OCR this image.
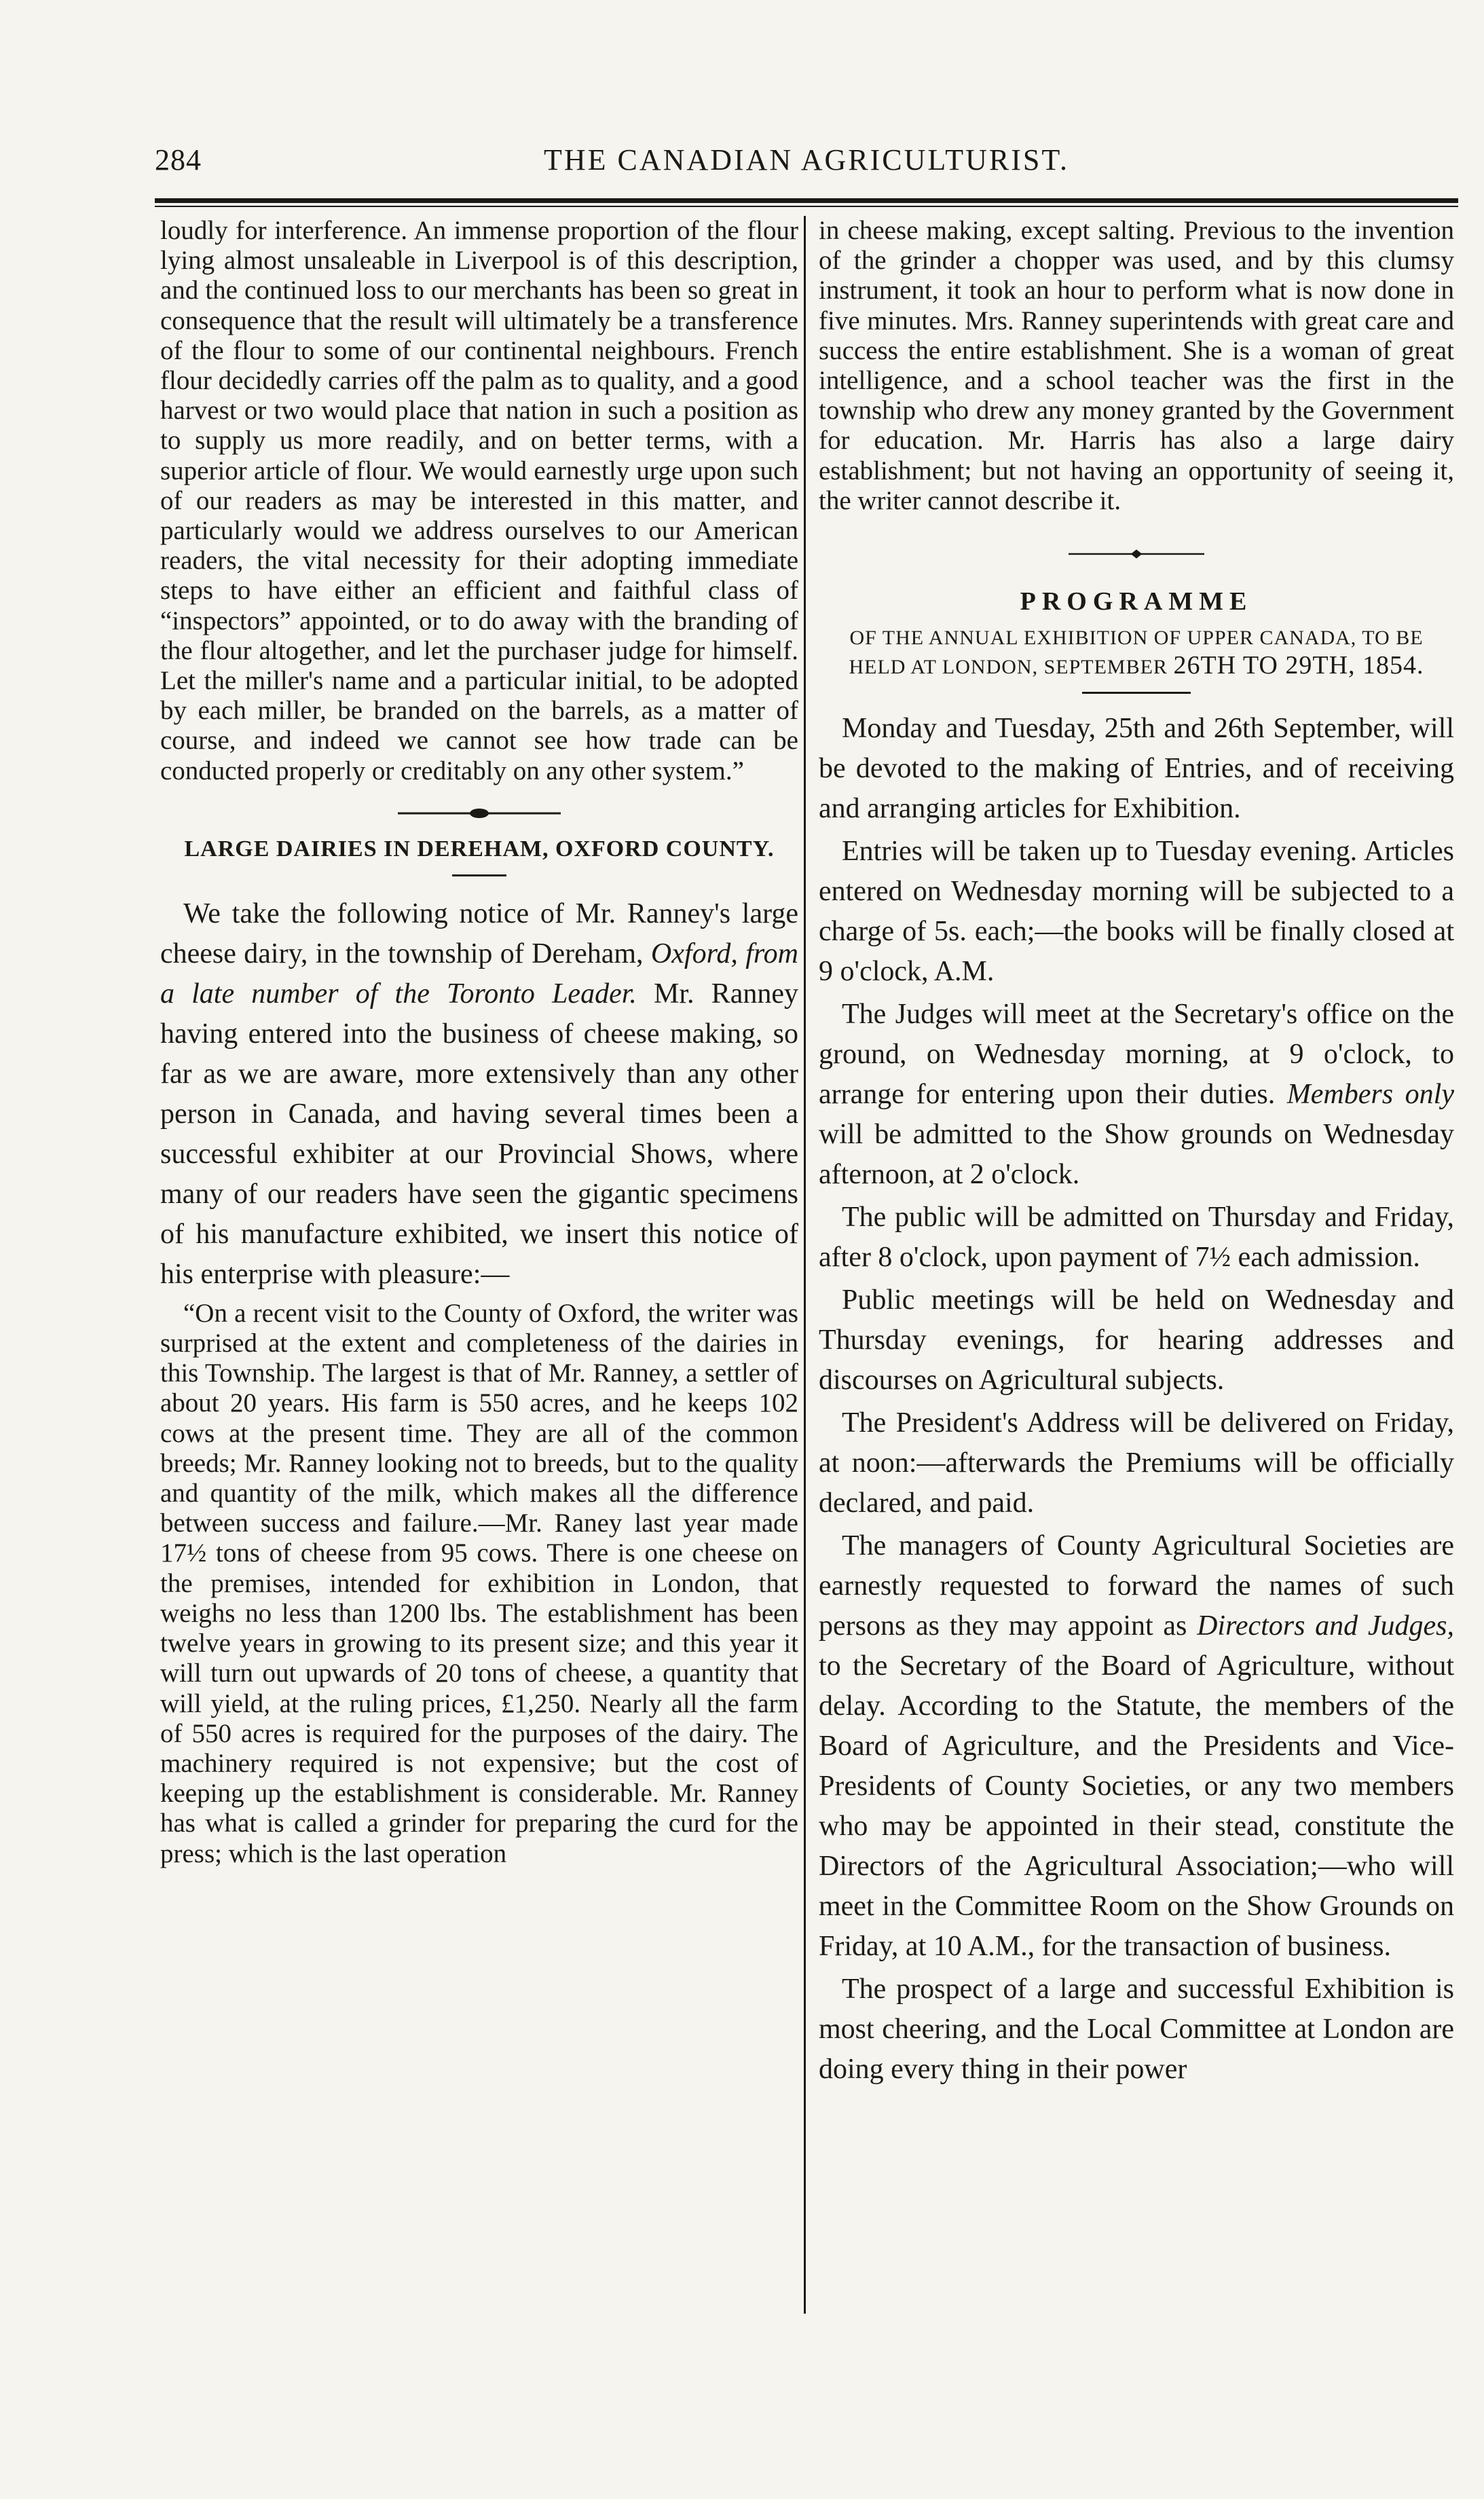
284	THE CANADIAN AGRICULTURIST.

loudly for interference. An immense proportion of the flour lying almost unsaleable in Liverpool is of this description, and the continued loss to our merchants has been so great in consequence that the result will ultimately be a transference of the flour to some of our continental neighbours. French flour decidedly carries off the palm as to quality, and a good harvest or two would place that nation in such a position as to supply us more readily, and on better terms, with a superior article of flour. We would earnestly urge upon such of our readers as may be interested in this matter, and particularly would we address ourselves to our American readers, the vital necessity for their adopting immediate steps to have either an efficient and faithful class of “inspectors” appointed, or to do away with the branding of the flour altogether, and let the purchaser judge for himself. Let the miller's name and a particular initial, to be adopted by each miller, be branded on the barrels, as a matter of course, and indeed we cannot see how trade can be conducted properly or creditably on any other system.”

LARGE DAIRIES IN DEREHAM, OXFORD COUNTY.

We take the following notice of Mr. Ranney's large cheese dairy, in the township of Dereham, Oxford, from a late number of the Toronto Leader. Mr. Ranney having entered into the business of cheese making, so far as we are aware, more extensively than any other person in Canada, and having several times been a successful exhibiter at our Provincial Shows, where many of our readers have seen the gigantic specimens of his manufacture exhibited, we insert this notice of his enterprise with pleasure:—

“On a recent visit to the County of Oxford, the writer was surprised at the extent and completeness of the dairies in this Township. The largest is that of Mr. Ranney, a settler of about 20 years. His farm is 550 acres, and he keeps 102 cows at the present time. They are all of the common breeds; Mr. Ranney looking not to breeds, but to the quality and quantity of the milk, which makes all the difference between success and failure.—Mr. Raney last year made 17½ tons of cheese from 95 cows. There is one cheese on the premises, intended for exhibition in London, that weighs no less than 1200 lbs. The establishment has been twelve years in growing to its present size; and this year it will turn out upwards of 20 tons of cheese, a quantity that will yield, at the ruling prices, £1,250. Nearly all the farm of 550 acres is required for the purposes of the dairy. The machinery required is not expensive; but the cost of keeping up the establishment is considerable. Mr. Ranney has what is called a grinder for preparing the curd for the press; which is the last operation

in cheese making, except salting. Previous to the invention of the grinder a chopper was used, and by this clumsy instrument, it took an hour to perform what is now done in five minutes. Mrs. Ranney superintends with great care and success the entire establishment. She is a woman of great intelligence, and a school teacher was the first in the township who drew any money granted by the Government for education. Mr. Harris has also a large dairy establishment; but not having an opportunity of seeing it, the writer cannot describe it.

PROGRAMME
OF THE ANNUAL EXHIBITION OF UPPER CANADA, TO BE HELD AT LONDON, SEPTEMBER 26TH TO 29TH, 1854.

Monday and Tuesday, 25th and 26th September, will be devoted to the making of Entries, and of receiving and arranging articles for Exhibition.

Entries will be taken up to Tuesday evening. Articles entered on Wednesday morning will be subjected to a charge of 5s. each;—the books will be finally closed at 9 o'clock, A.M.

The Judges will meet at the Secretary's office on the ground, on Wednesday morning, at 9 o'clock, to arrange for entering upon their duties. Members only will be admitted to the Show grounds on Wednesday afternoon, at 2 o'clock.

The public will be admitted on Thursday and Friday, after 8 o'clock, upon payment of 7½ each admission.

Public meetings will be held on Wednesday and Thursday evenings, for hearing addresses and discourses on Agricultural subjects.

The President's Address will be delivered on Friday, at noon:—afterwards the Premiums will be officially declared, and paid.

The managers of County Agricultural Societies are earnestly requested to forward the names of such persons as they may appoint as Directors and Judges, to the Secretary of the Board of Agriculture, without delay. According to the Statute, the members of the Board of Agriculture, and the Presidents and Vice-Presidents of County Societies, or any two members who may be appointed in their stead, constitute the Directors of the Agricultural Association;—who will meet in the Committee Room on the Show Grounds on Friday, at 10 A.M., for the transaction of business.

The prospect of a large and successful Exhibition is most cheering, and the Local Committee at London are doing every thing in their power
